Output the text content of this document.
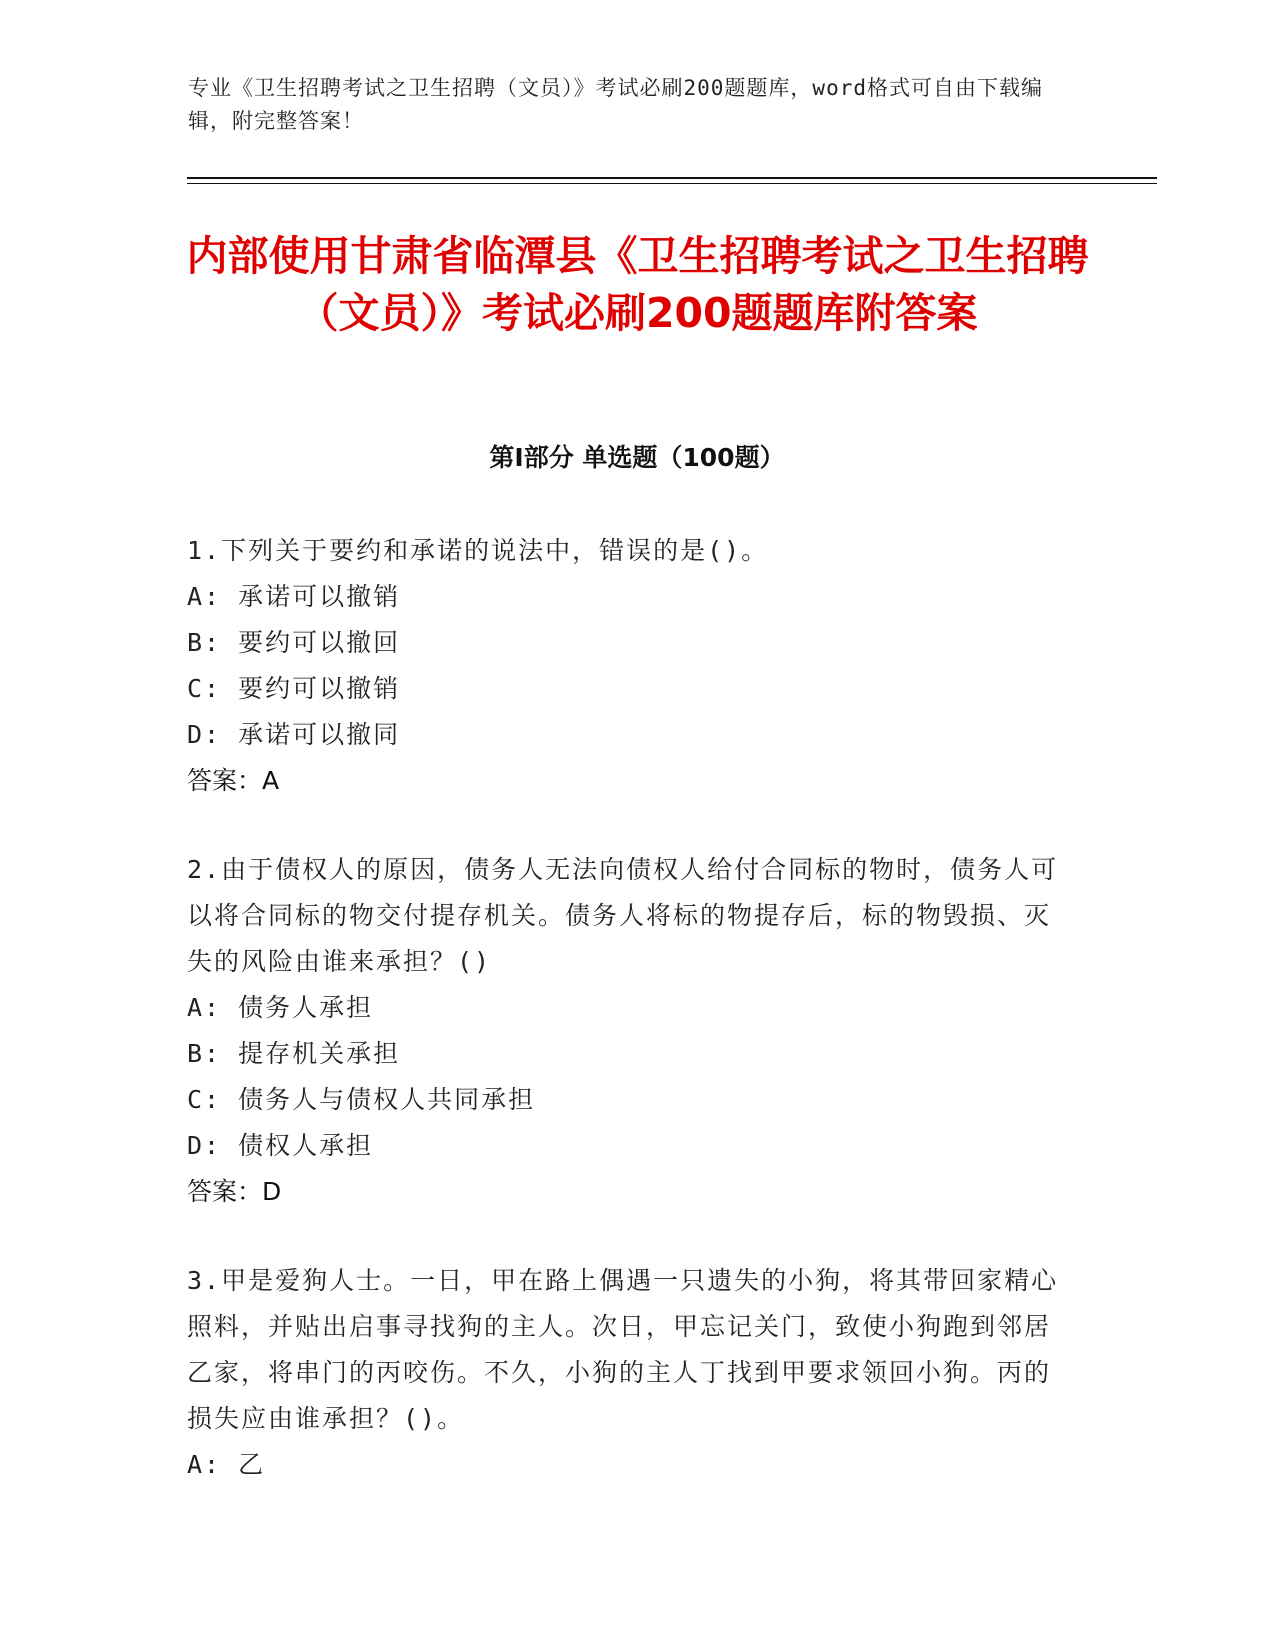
专业《卫生招聘考试之卫生招聘（文员）》考试必刷200题题库，word格式可自由下载编辑，附完整答案！
内部使用甘肃省临潭县《卫生招聘考试之卫生招聘（文员）》考试必刷200题题库附答案
第Ⅰ部分 单选题（100题）

1.下列关于要约和承诺的说法中，错误的是()。

A: 承诺可以撤销

B: 要约可以撤回

C: 要约可以撤销

D: 承诺可以撤同

答案：A

2.由于债权人的原因，债务人无法向债权人给付合同标的物时，债务人可以将合同标的物交付提存机关。债务人将标的物提存后，标的物毁损、灭失的风险由谁来承担？()

A: 债务人承担

B: 提存机关承担

C: 债务人与债权人共同承担

D: 债权人承担

答案：D

3.甲是爱狗人士。一日，甲在路上偶遇一只遗失的小狗，将其带回家精心照料，并贴出启事寻找狗的主人。次日，甲忘记关门，致使小狗跑到邻居乙家，将串门的丙咬伤。不久，小狗的主人丁找到甲要求领回小狗。丙的损失应由谁承担？()。

A: 乙
